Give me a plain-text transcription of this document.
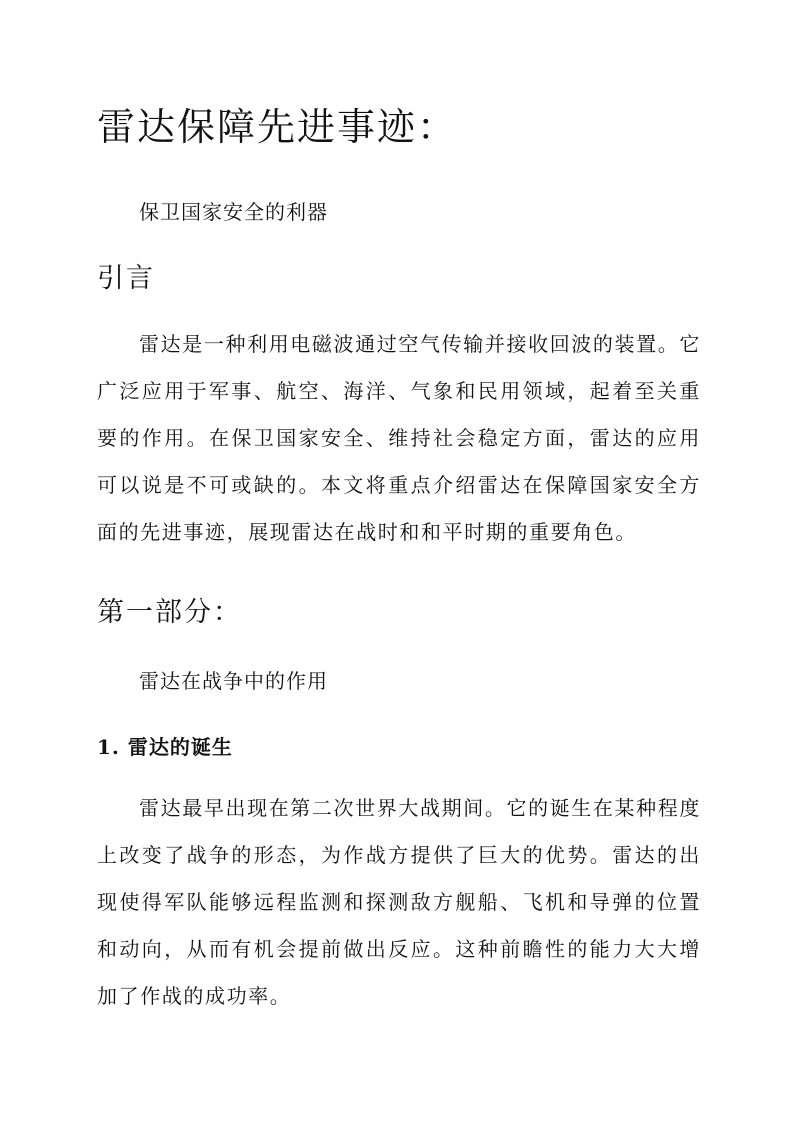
雷达保障先进事迹：

保卫国家安全的利器

引言

雷达是一种利用电磁波通过空气传输并接收回波的装置。它广泛应用于军事、航空、海洋、气象和民用领域，起着至关重要的作用。在保卫国家安全、维持社会稳定方面，雷达的应用可以说是不可或缺的。本文将重点介绍雷达在保障国家安全方面的先进事迹，展现雷达在战时和和平时期的重要角色。

第一部分：

雷达在战争中的作用

1. 雷达的诞生

雷达最早出现在第二次世界大战期间。它的诞生在某种程度上改变了战争的形态，为作战方提供了巨大的优势。雷达的出现使得军队能够远程监测和探测敌方舰船、飞机和导弹的位置和动向，从而有机会提前做出反应。这种前瞻性的能力大大增加了作战的成功率。
